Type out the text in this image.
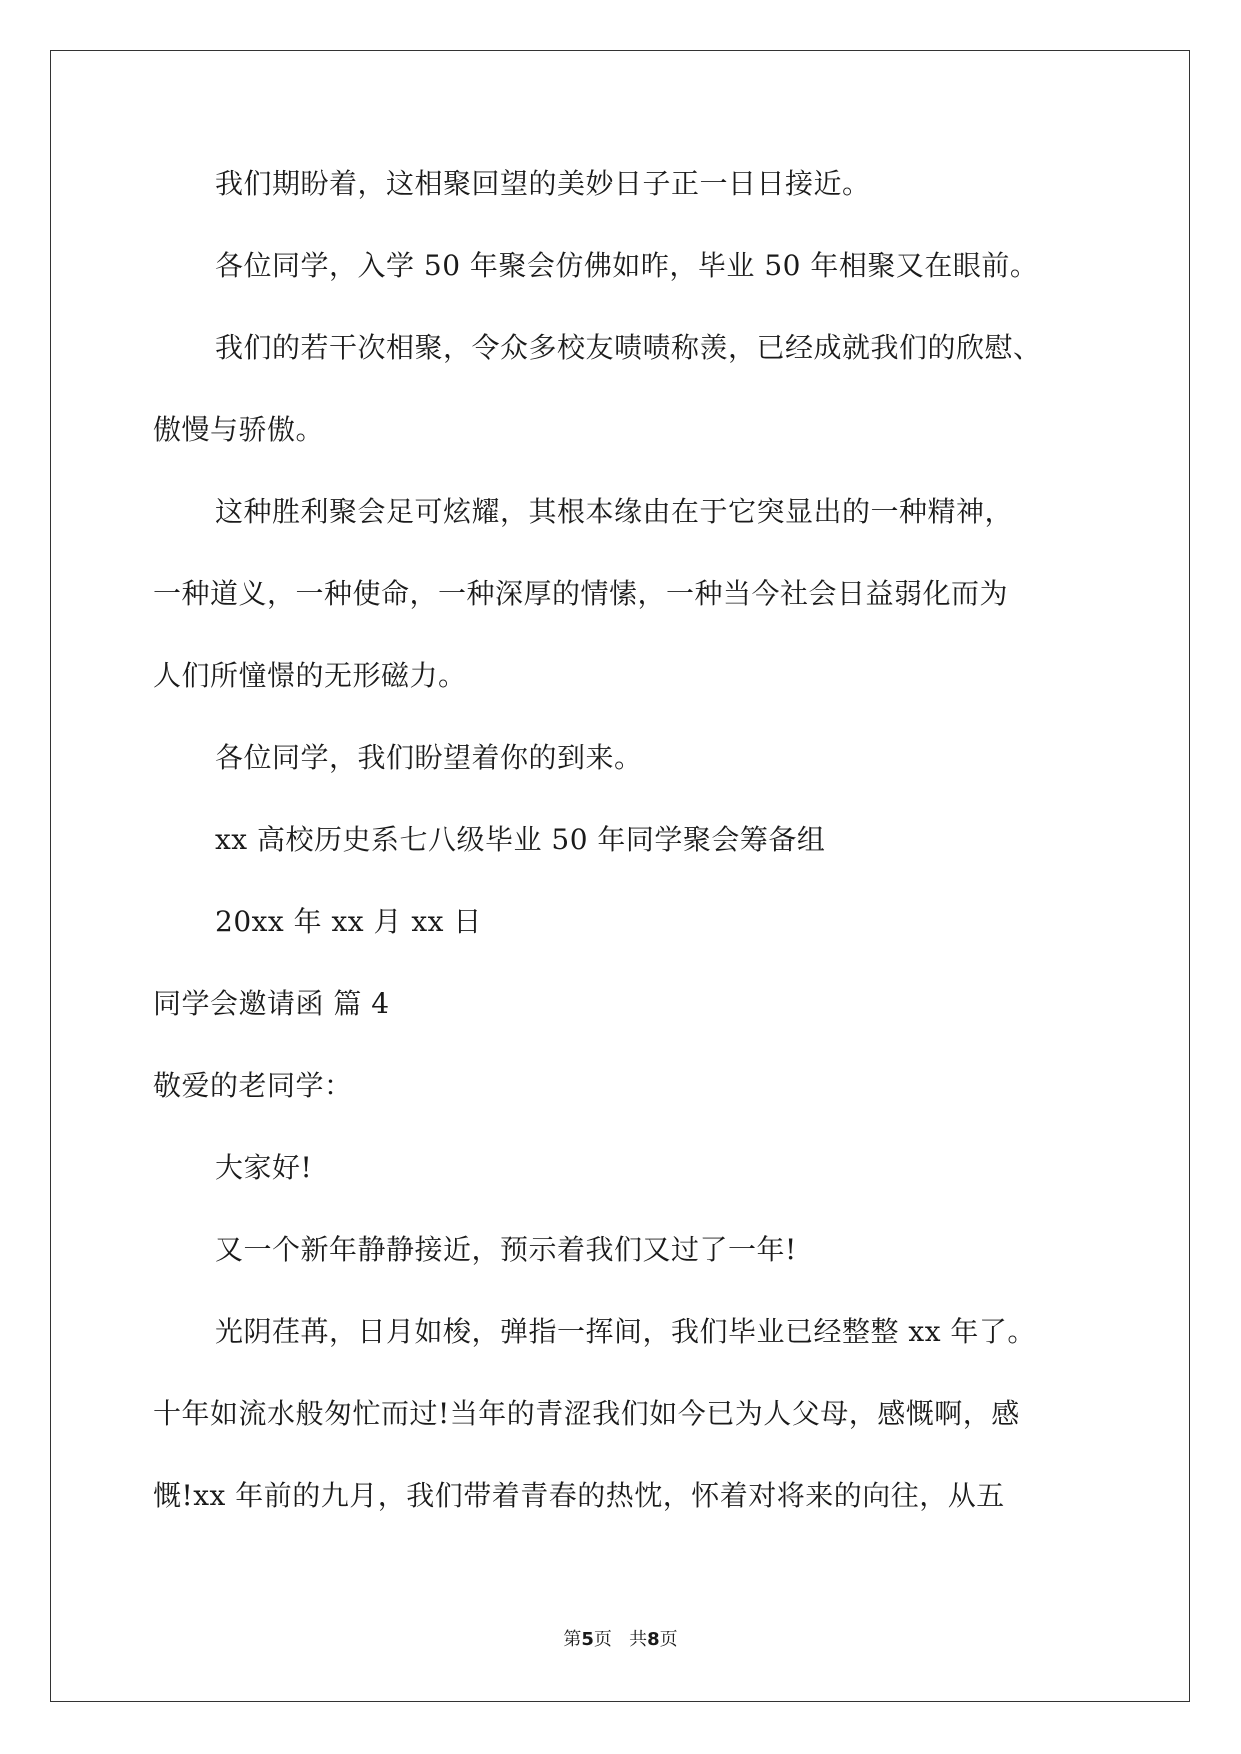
我们期盼着，这相聚回望的美妙日子正一日日接近。
各位同学，入学 50 年聚会仿佛如昨，毕业 50 年相聚又在眼前。
我们的若干次相聚，令众多校友啧啧称羡，已经成就我们的欣慰、
傲慢与骄傲。
这种胜利聚会足可炫耀，其根本缘由在于它突显出的一种精神，
一种道义，一种使命，一种深厚的情愫，一种当今社会日益弱化而为
人们所憧憬的无形磁力。
各位同学，我们盼望着你的到来。
xx 高校历史系七八级毕业 50 年同学聚会筹备组
20xx 年 xx 月 xx 日
同学会邀请函 篇 4
敬爱的老同学：
大家好!
又一个新年静静接近，预示着我们又过了一年!
光阴荏苒，日月如梭，弹指一挥间，我们毕业已经整整 xx 年了。
十年如流水般匆忙而过!当年的青涩我们如今已为人父母，感慨啊，感
慨!xx 年前的九月，我们带着青春的热忱，怀着对将来的向往，从五
第5页   共8页
